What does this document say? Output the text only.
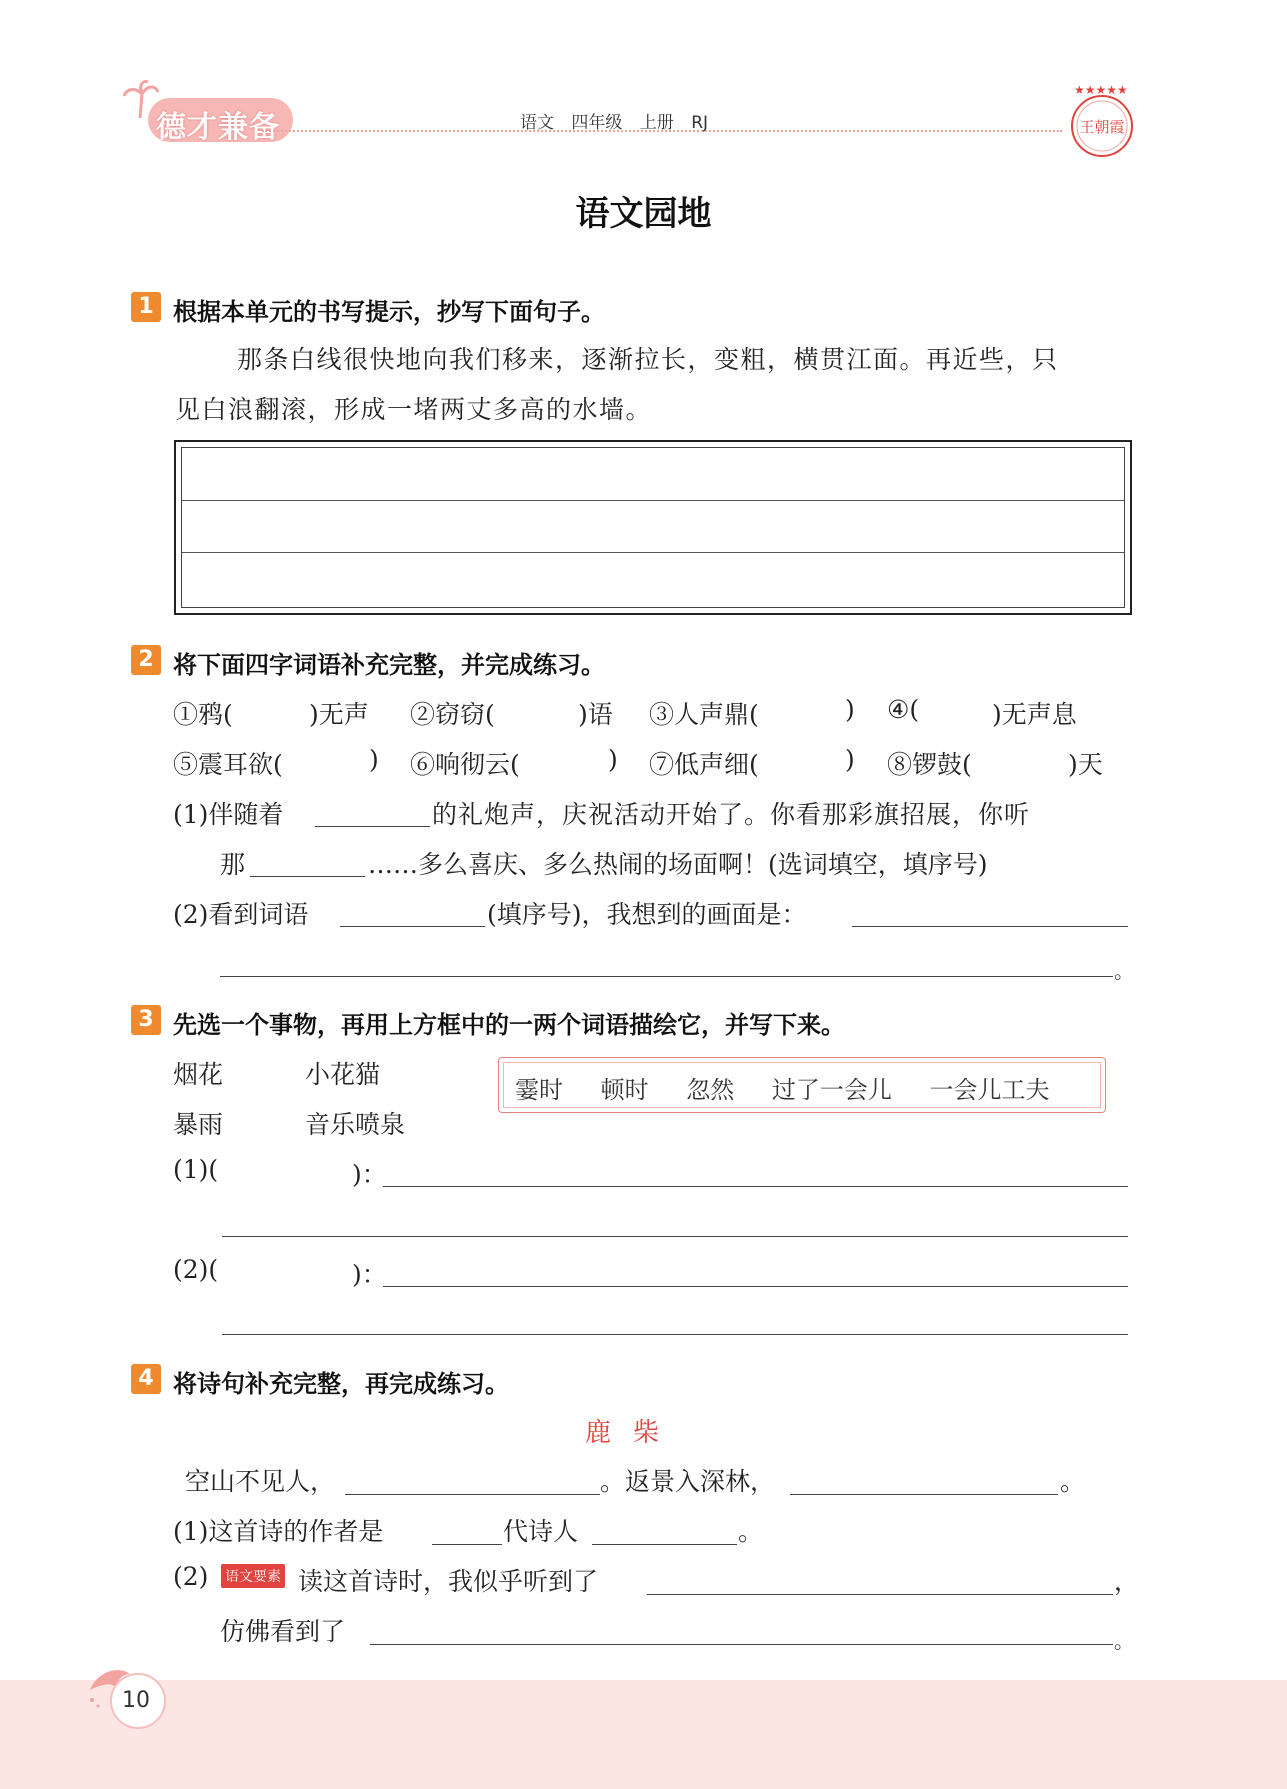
德才兼备	语文 四年级 上册 RJ
★★★★★
王朝霞
语文园地
1 根据本单元的书写提示，抄写下面句子。
那条白线很快地向我们移来，逐渐拉长，变粗，横贯江面。再近些，只
见白浪翻滚，形成一堵两丈多高的水墙。
2 将下面四字词语补充完整，并完成练习。
①鸦(	)无声 ②窃窃(	)语 ③人声鼎(	) ④(	)无声息
⑤震耳欲(	) ⑥响彻云(	) ⑦低声细(	) ⑧锣鼓(	)天
(1)伴随着	的礼炮声，庆祝活动开始了。你看那彩旗招展，你听
那	……多么喜庆、多么热闹的场面啊！(选词填空，填序号)
(2)看到词语	(填序号)，我想到的画面是：
。
3 先选一个事物，再用上方框中的一两个词语描绘它，并写下来。
烟花	小花猫
暴雨	音乐喷泉
霎时 顿时 忽然 过了一会儿 一会儿工夫
(1)(	)：
(2)(	)：
4 将诗句补充完整，再完成练习。
鹿柴
空山不见人，	。返景入深林，	。
(1)这首诗的作者是	代诗人	。
(2) 语文要素 读这首诗时，我似乎听到了	，
仿佛看到了	。
10
